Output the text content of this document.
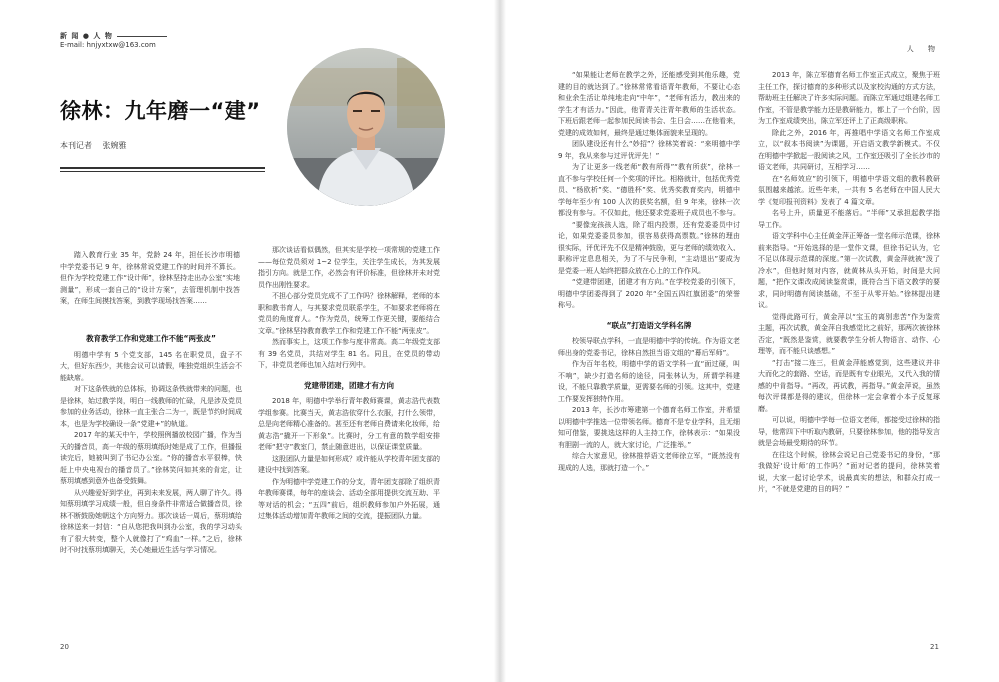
新 闻 ● 人 物
E-mail: hnjyxtxw@163.com	人 物
徐林：九年磨一“建”
本刊记者 张婉雅
踏入教育行业 35 年，党龄 24 年，担任长沙市明德中学党委书记 9 年，徐林常说党建工作的时间并不算长。但作为学校党建工作“设计师”，徐林坚持走出办公室“实地测量”，形成一套自己的“设计方案”，去管理机制中找答案，在师生间摸找答案，到教学现场找答案……
教育教学工作和党建工作不能“两张皮”

明德中学有 5 个党支部，145 名在职党员，盘子不大，但好东西少，其他会议可以请假，唯独党组织生活会不能缺席。

对下这条铁就的总体标，协调这条铁就带来的问题，也是徐林，始过教学岗，明白一线教师的忙碌，凡是涉及党员参加的业务活动，徐林一直主张合二为一，既是节约时间成本，也是为学校确设一条“党建+”的轨道。

2017 年的某天中午，学校照例播放校园广播，作为当天的播音员，高一年级的蔡玥填纸时她是成了工作，但播报读完后，她被叫到了书记办公室。“你的播音水平很棒，快赶上中央电视台的播音员了。”徐林笑问如其来的肯定，让蔡玥填感到意外也备受鼓舞。

从兴趣爱好到学业，再到未来发展，两人聊了许久。得知蔡玥填学习成绩一般，但自身条件非常适合做播音员，徐林不断鼓励她朝这个方向努力。那次谈话一周后，蔡玥填给徐林送来一封信：“自从您把我叫到办公室，我的学习动头有了很大转变，整个人就像打了“鸡血”一样。”之后，徐林时不时找蔡玥填聊天，关心她最近生活与学习情况。

那次谈话看似偶然，但其实是学校一项常规的党建工作——每位党员须对 1~2 位学生，关注学生成长，为其发展指引方向。就是工作，必然会有评价标准，但徐林并未对党员作出刚性要求。

不担心部分党员完成不了工作吗？徐林解释，老师的本职和教书育人，与其要求党员联系学生，不如要求老师将在党员的角度育人。“作为党员，统筹工作更关键，要能结合文章。”徐林坚持教育教学工作和党建工作不能“两张皮”。

然而事实上，这项工作参与度非常高。高二年级党支部有 39 名党员，共结对学生 81 名。同且，在党员的带动下，非党员老师也加入结对行列中。

党建带团建，团建才有方向

2018 年，明德中学举行青年教师赛课，黄志浩代表数学组参赛。比赛当天，黄志浩依穿什么衣服，打什么领带，总是向老师精心准备的。甚至还有老师自费请来化妆师，给黄志浩“撬开一下形象”。比赛时，分工有意的数学组安排老师“把守”教室门，禁止随意进出，以保证课堂质量。

这股团队力量是如何形成？或许能从学校青年团支部的建设中找到答案。

作为明德中学党建工作的分支，青年团支部除了组织青年教师赛课，每年的座谈会、活动全部用提供交流互助、平等对话的机会；“五四”前后，组织教师参加户外拓展，通过集体活动增加青年教师之间的交流，提振团队力量。

“如果能让老师在教学之外，还能感受到其他乐趣，党建的目的就达到了。”徐林常常看语青年教师，不要让心态和业余生活让单纯地走向“中年”，“老师有活力，教出来的学生才有活力。”因此，他青青关注青年教师的生活状态。下班后跟老师一起参加民间读书会、生日会……在他看来，党建的成效如何，最终是通过集体面貌来呈现的。

团队建设还有什么“妙招”？徐林笑着说：“来明德中学 9 年，我从来参与过评优评先！”

为了让更多一线老师“教有所得”“教有所获”，徐林一直不参与学校任何一个奖项的评比。相格就计，包括优秀党员、“杨欧析”奖、“德胜杯”奖、优秀奖教育奖内，明德中学每年至少有 100 人次的获奖名额，但 9 年来，徐林一次都没有参与。不仅如此，他还要求党委班子成员也不参与。

“要像宠孩孩人选，除了组内投票，还有党委委员中讨论，如果党委委员参加，很容易获得高票数。”徐林的理由很实际，评优评先不仅是精神鼓励，更与老师的绩效收入、职称评定息息相关，为了不与民争利，“主动退出”要成为是党委一班人始终把群众放在心上的工作作风。

“党建带团建，团建才有方向。”在学校党委的引领下，明德中学团委得到了 2020 年“全国五四红旗团委”的荣誉称号。

“联点”打造语文学科名牌

校领导联点学科，一直是明德中学的传统。作为语文老师出身的党委书记，徐林自然担当语文组的“幕后军师”。

作为百年名校，明德中学的语文学科一直“面过硬，叫不响”，缺少打造名师的途径，同张林认为，所谓学科建设，不能只靠教学质量，更需要名师的引领。这其中，党建工作要发挥独特作用。

2013 年，长沙市筹建第一个德育名师工作室，并希望以明德中学推选一位带领名师。德育不是专业学科，且无细知可借鉴，要挑选这样的人主持工作，徐林表示：“如果没有胆剧一流的人，就大家讨论，广泛推举。”

综合大家意见，徐林推荐语文老师徐立军，“既然没有现成的人选，那就打造一个。”

2013 年，陈立军德育名师工作室正式成立，聚焦于班主任工作，探讨德育的多种形式以及家校沟通的方式方法，帮助班主任解决了许多实际问题。而陈立军通过组建名师工作室，不管是教学能力还是教研能力，都上了一个台阶，因为工作室成绩突出，陈立军还评上了正高级职称。

除此之外，2016 年，再推唱中学语文名师工作室成立，以“叙本书阅读”为课题，开启语文教学新模式。不仅在明德中学掀起一股阅读之风，工作室还吸引了全长沙市的语文老师，共同研讨，互相学习……

在“名师效应”的引领下，明德中学语文组的教科教研氛围越来越浓。近些年来，一共有 5 名老师在中国人民大学《复印报刊资料》发表了 4 篇文章。

名号上升，质量更不能落后。“半师”又承担起教学指导工作。

语文学科中心主任黄金萍正筹备一堂名师示范课，徐林前来指导。“开始选择的是一堂作文课，但徐书记认为，它不足以体现示范课的深度。”第一次试教，黄金萍就被“泼了冷水”，但他时刻对内容，就黄林从头开始，时间是大问题，“把作文课改成阅读鉴赏课，既符合当下语文教学的要求，同时明德有阅读基础，不至于从零开始。”徐林提出建议。

觉得此路可行，黄金萍以“宝玉的离别悲苦”作为鉴赏主题，再次试教，黄金萍自我感觉比之前好，那两次被徐林否定，“既然是鉴赏，就要教学生分析人物语言、动作、心理等，而不能只谈感想。”

“打击”接二连三，但黄金萍能感觉到，这些建议并非大而化之的套路、空话，而是既有专业眼光，又代入我的情感的中肯指导。“再改，再试教，再指导。”黄金萍说，虽然每次评课都是得的建议，但徐林一定会拿着小本子反复琢磨。

可以说，明德中学每一位语文老师，都接受过徐林的指导，他常四下中听取内教研，只要徐林参加，他的指导发言就是会场最受期待的环节。

在往这个时候，徐林会说记自己党委书记的身份，“那我做好‘设计师’的工作吗？”面对记者的提问，徐林笑着说，大家一起讨论学术，说最真实的想法，和群众打成一片，“不就是党建的目的吗？”

20	21
